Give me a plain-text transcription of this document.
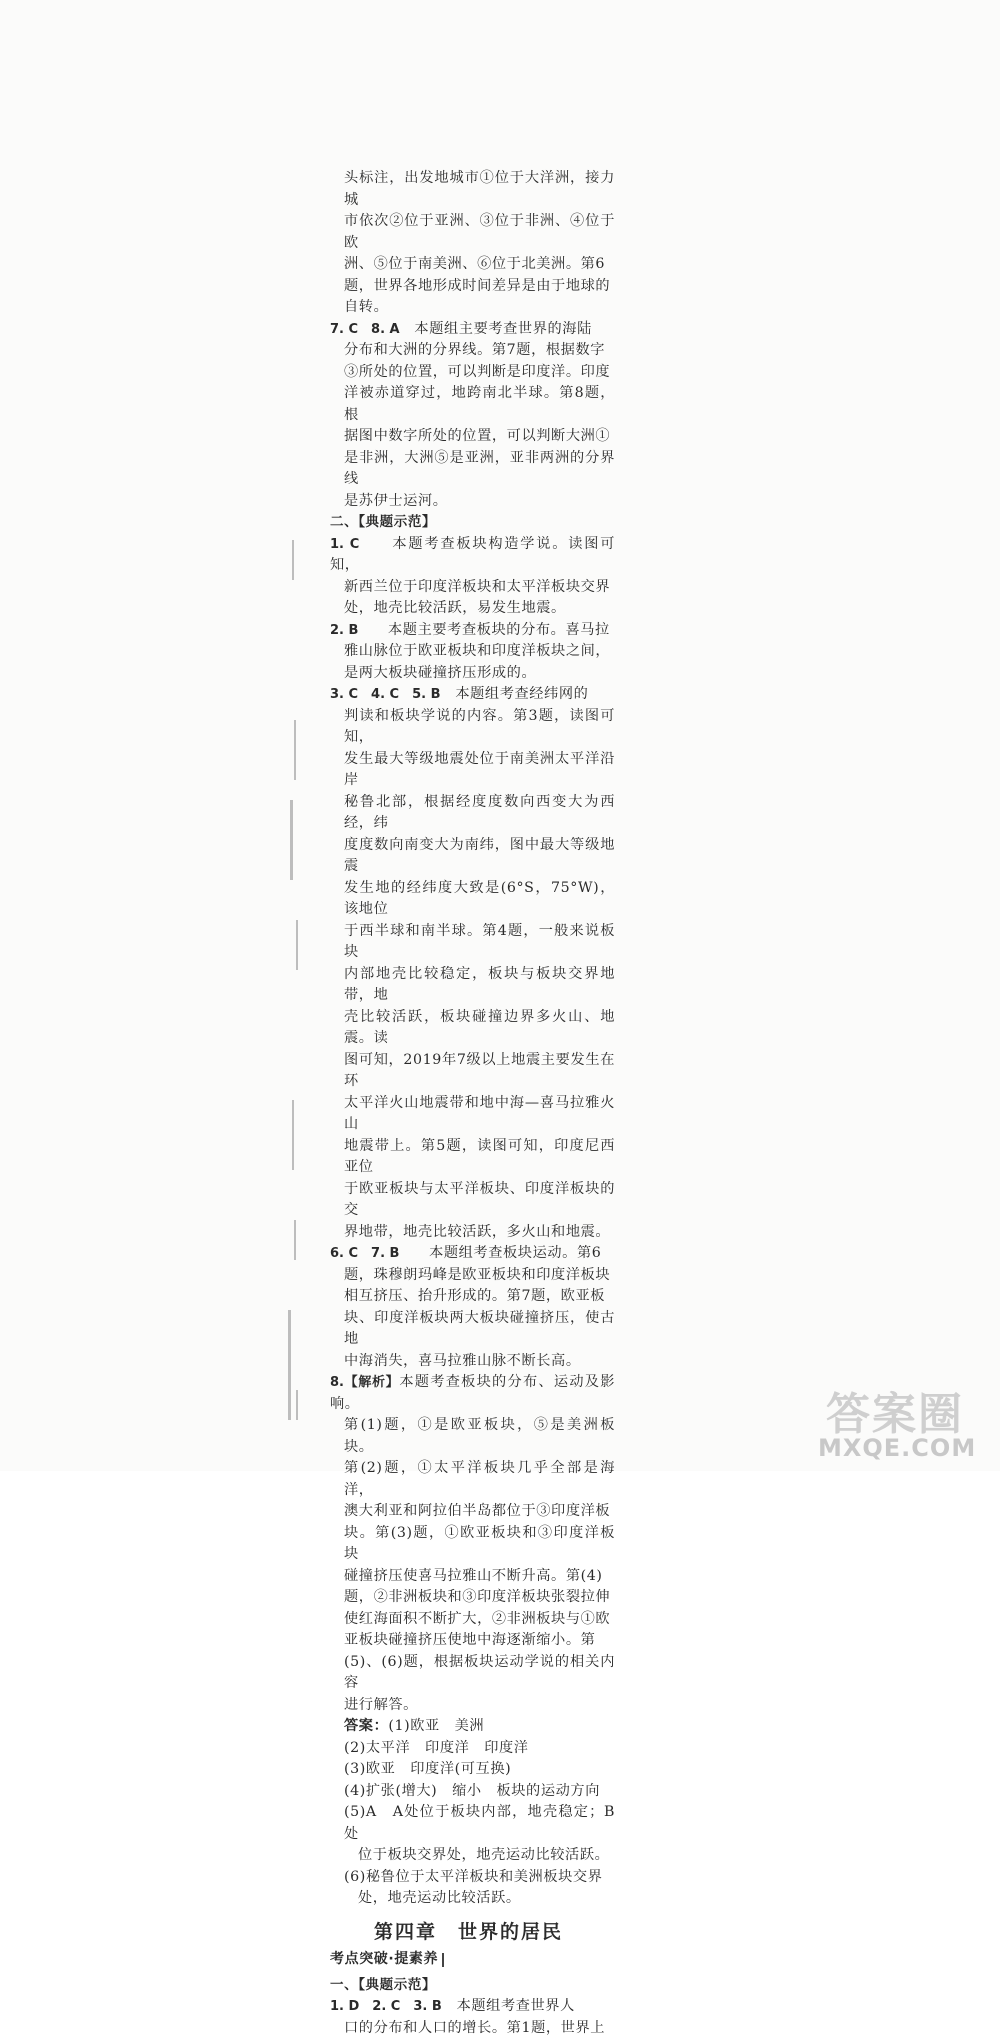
头标注，出发地城市①位于大洋洲，接力城

市依次②位于亚洲、③位于非洲、④位于欧

洲、⑤位于南美洲、⑥位于北美洲。第6

题，世界各地形成时间差异是由于地球的

自转。

7. C　8. A　 本题组主要考查世界的海陆

分布和大洲的分界线。第7题，根据数字

③所处的位置，可以判断是印度洋。印度

洋被赤道穿过，地跨南北半球。第8题，根

据图中数字所处的位置，可以判断大洲①

是非洲，大洲⑤是亚洲，亚非两洲的分界线

是苏伊士运河。

二、【典题示范】

1. C　　 本题考查板块构造学说。读图可知，

新西兰位于印度洋板块和太平洋板块交界

处，地壳比较活跃，易发生地震。

2. B　　 本题主要考查板块的分布。喜马拉

雅山脉位于欧亚板块和印度洋板块之间，

是两大板块碰撞挤压形成的。

3. C　4. C　5. B　 本题组考查经纬网的

判读和板块学说的内容。第3题，读图可知，

发生最大等级地震处位于南美洲太平洋沿岸

秘鲁北部，根据经度度数向西变大为西经，纬

度度数向南变大为南纬，图中最大等级地震

发生地的经纬度大致是(6°S，75°W)，该地位

于西半球和南半球。第4题，一般来说板块

内部地壳比较稳定，板块与板块交界地带，地

壳比较活跃，板块碰撞边界多火山、地震。读

图可知，2019年7级以上地震主要发生在环

太平洋火山地震带和地中海—喜马拉雅火山

地震带上。第5题，读图可知，印度尼西亚位

于欧亚板块与太平洋板块、印度洋板块的交

界地带，地壳比较活跃，多火山和地震。

6. C　7. B　　 本题组考查板块运动。第6

题，珠穆朗玛峰是欧亚板块和印度洋板块

相互挤压、抬升形成的。第7题，欧亚板

块、印度洋板块两大板块碰撞挤压，使古地

中海消失，喜马拉雅山脉不断长高。

8.【解析】本题考查板块的分布、运动及影响。

第(1)题，①是欧亚板块，⑤是美洲板块。

第(2)题，①太平洋板块几乎全部是海洋，

澳大利亚和阿拉伯半岛都位于③印度洋板

块。第(3)题，①欧亚板块和③印度洋板块

碰撞挤压使喜马拉雅山不断升高。第(4)

题，②非洲板块和③印度洋板块张裂拉伸

使红海面积不断扩大，②非洲板块与①欧

亚板块碰撞挤压使地中海逐渐缩小。第

(5)、(6)题，根据板块运动学说的相关内容

进行解答。

答案：(1)欧亚　美洲

(2)太平洋　印度洋　印度洋

(3)欧亚　印度洋(可互换)

(4)扩张(增大)　缩小　板块的运动方向

(5)A　A处位于板块内部，地壳稳定；B处

位于板块交界处，地壳运动比较活跃。

(6)秘鲁位于太平洋板块和美洲板块交界

处，地壳运动比较活跃。

第四章　世界的居民
考点突破·提素养

一、【典题示范】

1. D　2. C　3. B　 本题组考查世界人

口的分布和人口的增长。第1题，世界上

答案圈
MXQE.COM
